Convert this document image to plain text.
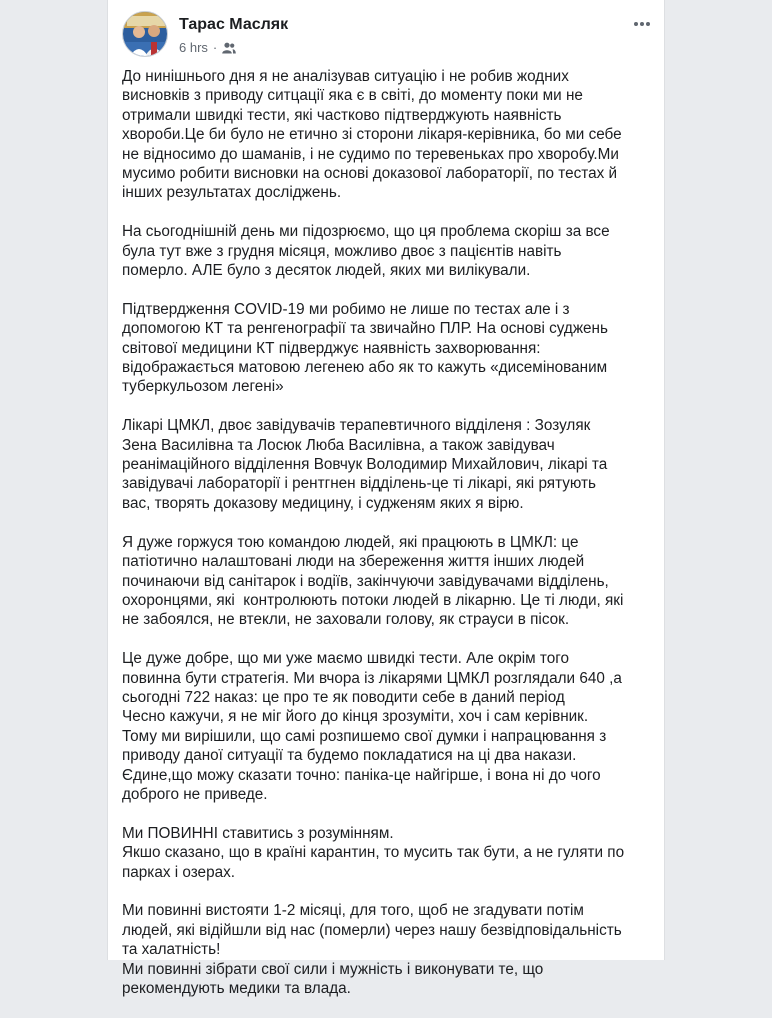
Тарас Масляк
6 hrs ·
До нинішнього дня я не аналізував ситуацію і не робив жодних
висновків з приводу ситцації яка є в світі, до моменту поки ми не
отримали швидкі тести, які частково підтверджують наявність
хвороби.Це би було не етично зі сторони лікаря-керівника, бо ми себе
не відносимо до шаманів, і не судимо по теревеньках про хворобу.Ми
мусимо робити висновки на основі доказової лабораторії, по тестах й
інших результатах досліджень.
На сьогоднішній день ми підозрюємо, що ця проблема скоріш за все
була тут вже з грудня місяця, можливо двоє з пацієнтів навіть
померло. АЛЕ було з десяток людей, яких ми вилікували.
Підтвердження COVID-19 ми робимо не лише по тестах але і з
допомогою КТ та ренгенографії та звичайно ПЛР. На основі суджень
світової медицини КТ підверджує наявність захворювання:
відображається матовою легенею або як то кажуть «дисемінованим
туберкульозом легені»
Лікарі ЦМКЛ, двоє завідувачів терапевтичного відділеня : Зозуляк
Зена Василівна та Лосюк Люба Василівна, а також завідувач
реанімаційного відділення Вовчук Володимир Михайлович, лікарі та
завідувачі лабораторії і рентгнен відділень-це ті лікарі, які рятують
вас, творять доказову медицину, і судженям яких я вірю.
Я дуже горжуся тою командою людей, які працюють в ЦМКЛ: це
патіотично налаштовані люди на збереження життя інших людей
починаючи від санітарок і водіїв, закінчуючи завідувачами відділень,
охоронцями, які  контролюють потоки людей в лікарню. Це ті люди, які
не забоялся, не втекли, не заховали голову, як страуси в пісок.
Це дуже добре, що ми уже маємо швидкі тести. Але окрім того
повинна бути стратегія. Ми вчора із лікарями ЦМКЛ розглядали 640 ,а
сьогодні 722 наказ: це про те як поводити себе в даний період
Чесно кажучи, я не міг його до кінця зрозуміти, хоч і сам керівник.
Тому ми вирішили, що самі розпишемо свої думки і напрацювання з
приводу даної ситуації та будемо покладатися на ці два накази.
Єдине,що можу сказати точно: паніка-це найгірше, і вона ні до чого
доброго не приведе.
Ми ПОВИННІ ставитись з розумінням.
Якшо сказано, що в країні карантин, то мусить так бути, а не гуляти по
парках і озерах.
Ми повинні вистояти 1-2 місяці, для того, щоб не згадувати потім
людей, які відійшли від нас (померли) через нашу безвідповідальність
та халатність!
Ми повинні зібрати свої сили і мужність і виконувати те, що
рекомендують медики та влада.
